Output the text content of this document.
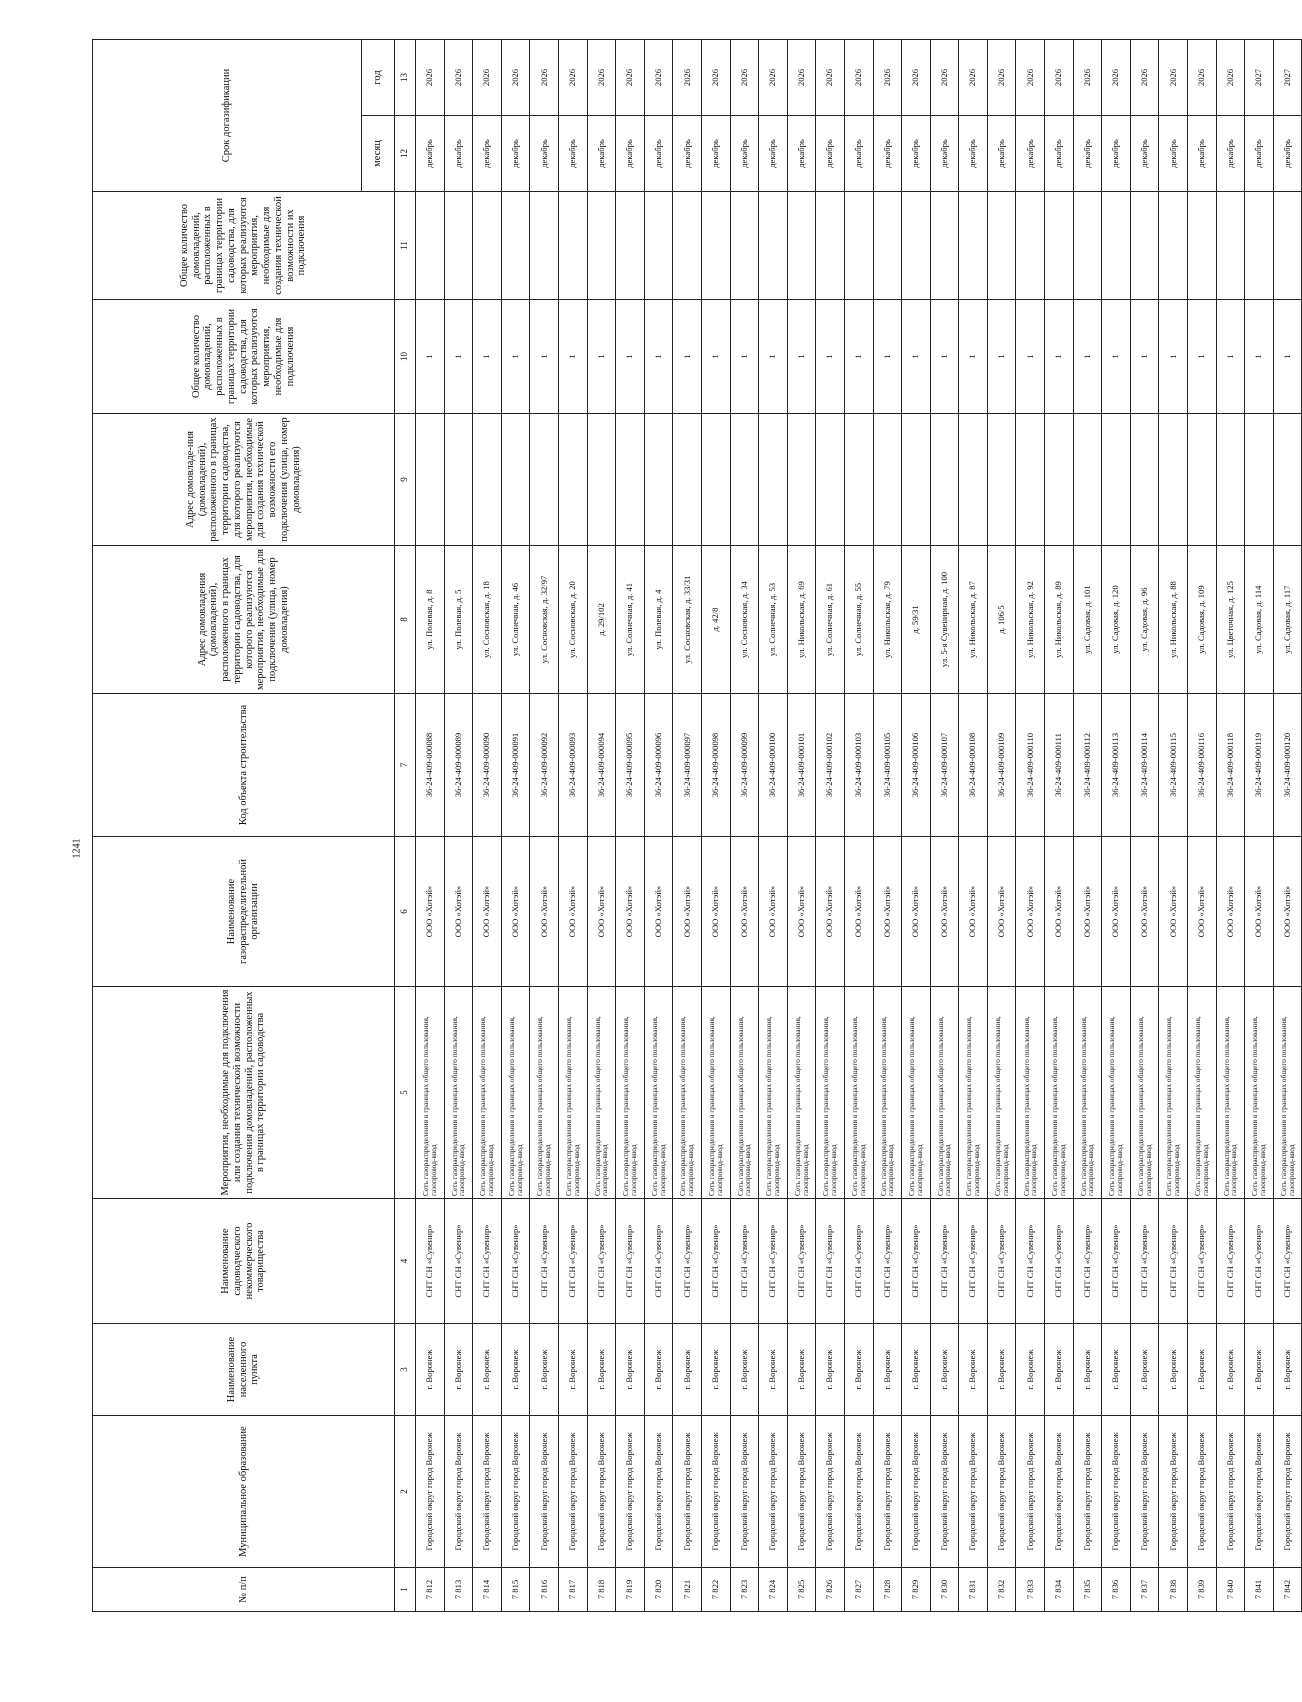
1241
№ п/п	Муниципальное образование	Наименование населенного пункта	Наименование садоводческого некоммерческого товарищества	Мероприятия, необходимые для подключения или создания технической возможности подключения домовладений, расположенных в границах территории садоводства	Наименование газораспределительной организации	Код объекта строительства	Адрес домовладения (домовладений), расположенного в границах территории садоводства, для которого реализуются мероприятия, необходимые для подключения (улица, номер домовладения)	Адрес домовладе-ния (домовладений), расположенного в границах территории садоводства, для которого реализуются мероприятия, необходимые для создания технической возможности его подключения (улица, номер домовладения)	Общее количество домовладений, расположенных в границах территории садоводства, для которых реализуются мероприятия, необходимые для подключения	Общее количество домовладений, расположенных в границах территории садоводства, для которых реализуются мероприятия, необходимые для создания технической возможности их подключения	Срок догазификации	
											месяц	год
1	2	3	4	5	6	7	8	9	10	11	12	13
7 812	Городской округ город Воронеж	г. Воронеж	СНТ СН «Сувенир»	Сеть газораспределения в границах общего пользования, газопровод-ввод	ООО «Хотэй»	36-24-409-000088	ул. Полевая, д. 8		1		декабрь	2026
7 813	Городской округ город Воронеж	г. Воронеж	СНТ СН «Сувенир»	Сеть газораспределения в границах общего пользования, газопровод-ввод	ООО «Хотэй»	36-24-409-000089	ул. Полевая, д. 5		1		декабрь	2026
7 814	Городской округ город Воронеж	г. Воронеж	СНТ СН «Сувенир»	Сеть газораспределения в границах общего пользования, газопровод-ввод	ООО «Хотэй»	36-24-409-000090	ул. Сосновская, д. 18		1		декабрь	2026
7 815	Городской округ город Воронеж	г. Воронеж	СНТ СН «Сувенир»	Сеть газораспределения в границах общего пользования, газопровод-ввод	ООО «Хотэй»	36-24-409-000091	ул. Солнечная, д. 46		1		декабрь	2026
7 816	Городской округ город Воронеж	г. Воронеж	СНТ СН «Сувенир»	Сеть газораспределения в границах общего пользования, газопровод-ввод	ООО «Хотэй»	36-24-409-000092	ул. Сосновская, д. 32/97		1		декабрь	2026
7 817	Городской округ город Воронеж	г. Воронеж	СНТ СН «Сувенир»	Сеть газораспределения в границах общего пользования, газопровод-ввод	ООО «Хотэй»	36-24-409-000093	ул. Сосновская, д. 20		1		декабрь	2026
7 818	Городской округ город Воронеж	г. Воронеж	СНТ СН «Сувенир»	Сеть газораспределения в границах общего пользования, газопровод-ввод	ООО «Хотэй»	36-24-409-000094	д. 29/102		1		декабрь	2026
7 819	Городской округ город Воронеж	г. Воронеж	СНТ СН «Сувенир»	Сеть газораспределения в границах общего пользования, газопровод-ввод	ООО «Хотэй»	36-24-409-000095	ул. Солнечная, д. 41		1		декабрь	2026
7 820	Городской округ город Воронеж	г. Воронеж	СНТ СН «Сувенир»	Сеть газораспределения в границах общего пользования, газопровод-ввод	ООО «Хотэй»	36-24-409-000096	ул. Полевая, д. 4		1		декабрь	2026
7 821	Городской округ город Воронеж	г. Воронеж	СНТ СН «Сувенир»	Сеть газораспределения в границах общего пользования, газопровод-ввод	ООО «Хотэй»	36-24-409-000097	ул. Сосновская, д. 33/31		1		декабрь	2026
7 822	Городской округ город Воронеж	г. Воронеж	СНТ СН «Сувенир»	Сеть газораспределения в границах общего пользования, газопровод-ввод	ООО «Хотэй»	36-24-409-000098	д. 42/8		1		декабрь	2026
7 823	Городской округ город Воронеж	г. Воронеж	СНТ СН «Сувенир»	Сеть газораспределения в границах общего пользования, газопровод-ввод	ООО «Хотэй»	36-24-409-000099	ул. Сосновская, д. 34		1		декабрь	2026
7 824	Городской округ город Воронеж	г. Воронеж	СНТ СН «Сувенир»	Сеть газораспределения в границах общего пользования, газопровод-ввод	ООО «Хотэй»	36-24-409-000100	ул. Солнечная, д. 53		1		декабрь	2026
7 825	Городской округ город Воронеж	г. Воронеж	СНТ СН «Сувенир»	Сеть газораспределения в границах общего пользования, газопровод-ввод	ООО «Хотэй»	36-24-409-000101	ул. Никольская, д. 69		1		декабрь	2026
7 826	Городской округ город Воронеж	г. Воронеж	СНТ СН «Сувенир»	Сеть газораспределения в границах общего пользования, газопровод-ввод	ООО «Хотэй»	36-24-409-000102	ул. Солнечная, д. 61		1		декабрь	2026
7 827	Городской округ город Воронеж	г. Воронеж	СНТ СН «Сувенир»	Сеть газораспределения в границах общего пользования, газопровод-ввод	ООО «Хотэй»	36-24-409-000103	ул. Солнечная, д. 55		1		декабрь	2026
7 828	Городской округ город Воронеж	г. Воронеж	СНТ СН «Сувенир»	Сеть газораспределения в границах общего пользования, газопровод-ввод	ООО «Хотэй»	36-24-409-000105	ул. Никольская, д. 79		1		декабрь	2026
7 829	Городской округ город Воронеж	г. Воронеж	СНТ СН «Сувенир»	Сеть газораспределения в границах общего пользования, газопровод-ввод	ООО «Хотэй»	36-24-409-000106	д. 59/31		1		декабрь	2026
7 830	Городской округ город Воронеж	г. Воронеж	СНТ СН «Сувенир»	Сеть газораспределения в границах общего пользования, газопровод-ввод	ООО «Хотэй»	36-24-409-000107	ул. 5-я Сувенирная, д. 100		1		декабрь	2026
7 831	Городской округ город Воронеж	г. Воронеж	СНТ СН «Сувенир»	Сеть газораспределения в границах общего пользования, газопровод-ввод	ООО «Хотэй»	36-24-409-000108	ул. Никольская, д. 87		1		декабрь	2026
7 832	Городской округ город Воронеж	г. Воронеж	СНТ СН «Сувенир»	Сеть газораспределения в границах общего пользования, газопровод-ввод	ООО «Хотэй»	36-24-409-000109	д. 106/5		1		декабрь	2026
7 833	Городской округ город Воронеж	г. Воронеж	СНТ СН «Сувенир»	Сеть газораспределения в границах общего пользования, газопровод-ввод	ООО «Хотэй»	36-24-409-000110	ул. Никольская, д. 92		1		декабрь	2026
7 834	Городской округ город Воронеж	г. Воронеж	СНТ СН «Сувенир»	Сеть газораспределения в границах общего пользования, газопровод-ввод	ООО «Хотэй»	36-24-409-000111	ул. Никольская, д. 89		1		декабрь	2026
7 835	Городской округ город Воронеж	г. Воронеж	СНТ СН «Сувенир»	Сеть газораспределения в границах общего пользования, газопровод-ввод	ООО «Хотэй»	36-24-409-000112	ул. Садовая, д. 101		1		декабрь	2026
7 836	Городской округ город Воронеж	г. Воронеж	СНТ СН «Сувенир»	Сеть газораспределения в границах общего пользования, газопровод-ввод	ООО «Хотэй»	36-24-409-000113	ул. Садовая, д. 120		1		декабрь	2026
7 837	Городской округ город Воронеж	г. Воронеж	СНТ СН «Сувенир»	Сеть газораспределения в границах общего пользования, газопровод-ввод	ООО «Хотэй»	36-24-409-000114	ул. Садовая, д. 96		1		декабрь	2026
7 838	Городской округ город Воронеж	г. Воронеж	СНТ СН «Сувенир»	Сеть газораспределения в границах общего пользования, газопровод-ввод	ООО «Хотэй»	36-24-409-000115	ул. Никольская, д. 88		1		декабрь	2026
7 839	Городской округ город Воронеж	г. Воронеж	СНТ СН «Сувенир»	Сеть газораспределения в границах общего пользования, газопровод-ввод	ООО «Хотэй»	36-24-409-000116	ул. Садовая, д. 109		1		декабрь	2026
7 840	Городской округ город Воронеж	г. Воронеж	СНТ СН «Сувенир»	Сеть газораспределения в границах общего пользования, газопровод-ввод	ООО «Хотэй»	36-24-409-000118	ул. Цветочная, д. 125		1		декабрь	2026
7 841	Городской округ город Воронеж	г. Воронеж	СНТ СН «Сувенир»	Сеть газораспределения в границах общего пользования, газопровод-ввод	ООО «Хотэй»	36-24-409-000119	ул. Садовая, д. 114		1		декабрь	2027
7 842	Городской округ город Воронеж	г. Воронеж	СНТ СН «Сувенир»	Сеть газораспределения в границах общего пользования, газопровод-ввод	ООО «Хотэй»	36-24-409-000120	ул. Садовая, д. 117		1		декабрь	2027
